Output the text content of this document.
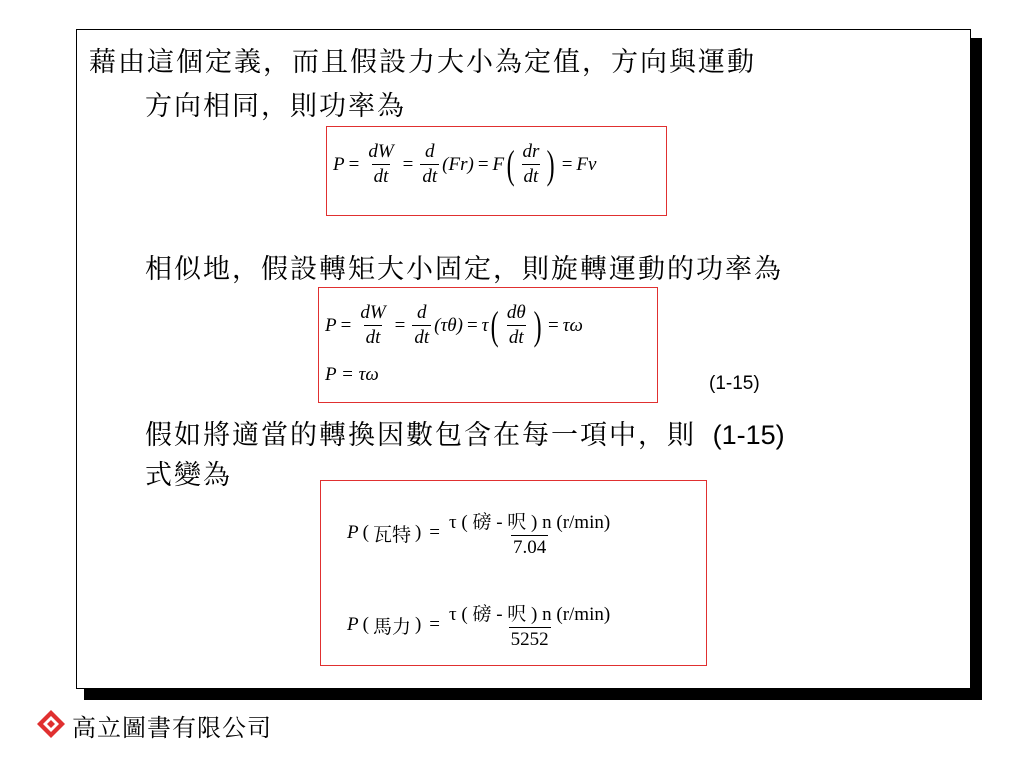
藉由這個定義，而且假設力大小為定值，方向與運動
方向相同，則功率為
$P = \frac{dW}{dt} = \frac{d}{dt} (Fr) = F$ ( $\frac{dr}{dt}$ ) = Fv
相似地，假設轉矩大小固定，則旋轉運動的功率為
$P = \frac{dW}{dt} = \frac{d}{dt} (\tau\theta) = \tau$ ( $\frac{d\theta}{dt}$ ) = τω
P = τω	(1-15)
假如將適當的轉換因數包含在每一項中，則 (1-15)
式變為
P ( 瓦特 ) = $\frac{\text{τ ( 磅 - 呎 ) n (r/min)}}{7.04}$
P ( 馬力 ) = $\frac{\text{τ ( 磅 - 呎 ) n (r/min)}}{5252}$
高立圖書有限公司
